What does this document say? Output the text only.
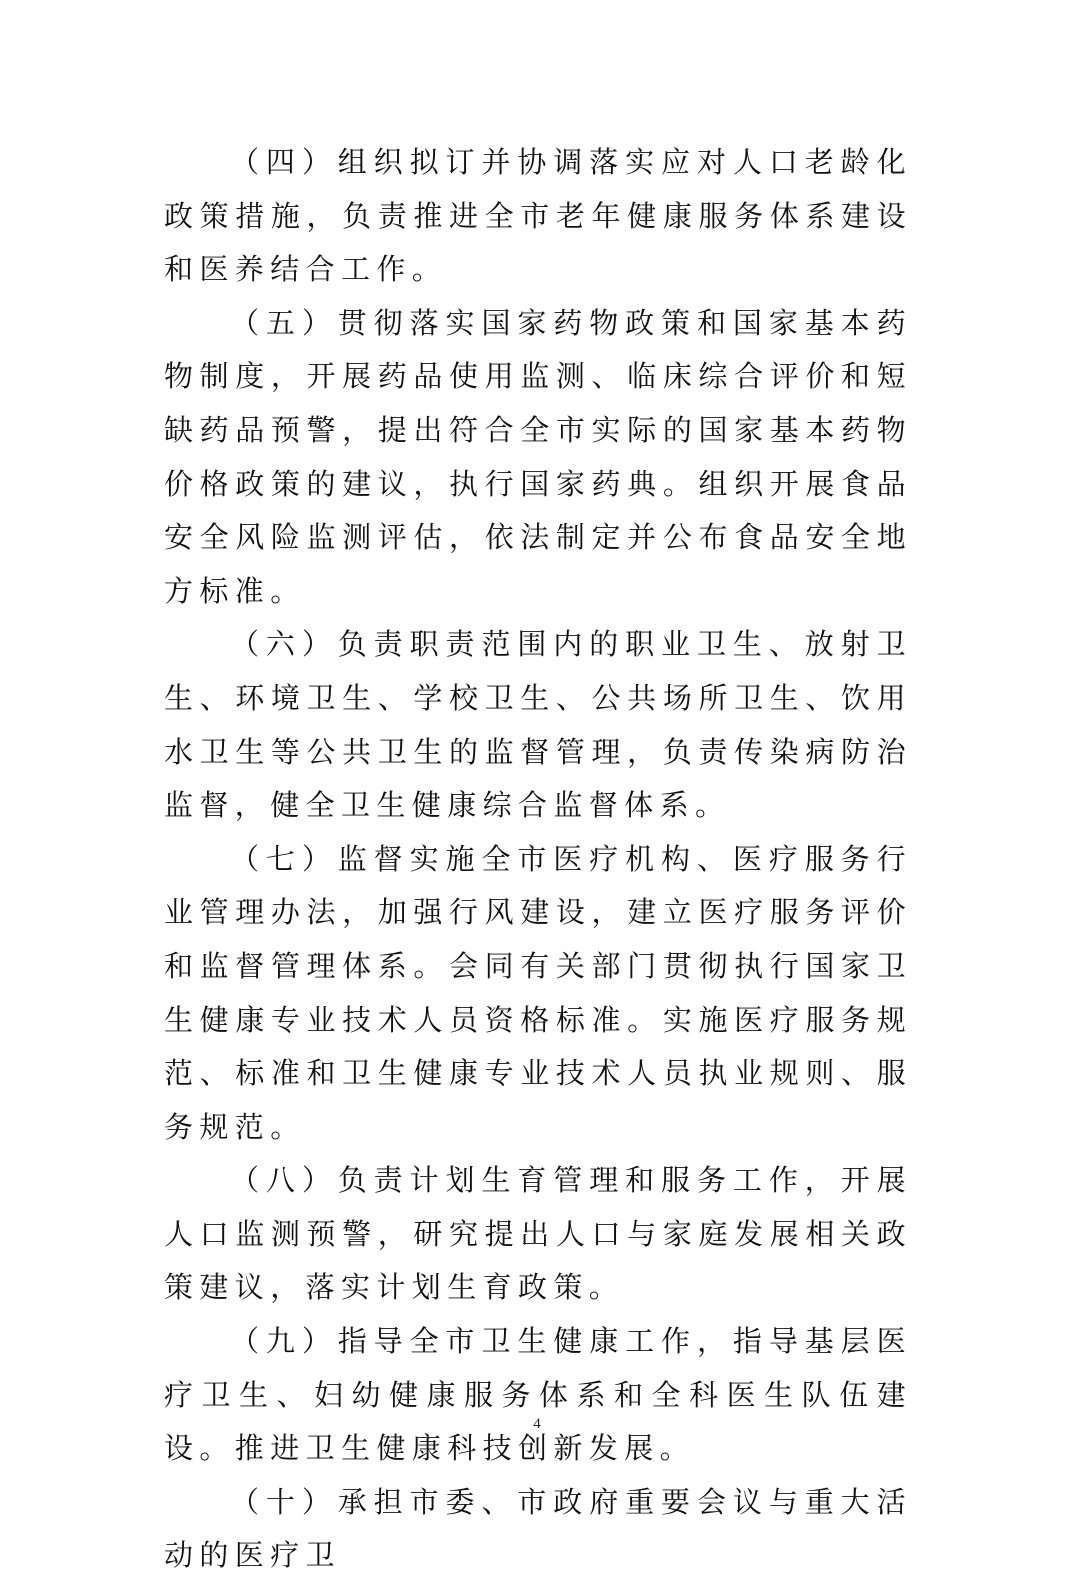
（四）组织拟订并协调落实应对人口老龄化政策措施，负责推进全市老年健康服务体系建设和医养结合工作。

（五）贯彻落实国家药物政策和国家基本药物制度，开展药品使用监测、临床综合评价和短缺药品预警，提出符合全市实际的国家基本药物价格政策的建议，执行国家药典。组织开展食品安全风险监测评估，依法制定并公布食品安全地方标准。

（六）负责职责范围内的职业卫生、放射卫生、环境卫生、学校卫生、公共场所卫生、饮用水卫生等公共卫生的监督管理，负责传染病防治监督，健全卫生健康综合监督体系。

（七）监督实施全市医疗机构、医疗服务行业管理办法，加强行风建设，建立医疗服务评价和监督管理体系。会同有关部门贯彻执行国家卫生健康专业技术人员资格标准。实施医疗服务规范、标准和卫生健康专业技术人员执业规则、服务规范。

（八）负责计划生育管理和服务工作，开展人口监测预警，研究提出人口与家庭发展相关政策建议，落实计划生育政策。

（九）指导全市卫生健康工作，指导基层医疗卫生、妇幼健康服务体系和全科医生队伍建设。推进卫生健康科技创新发展。

（十）承担市委、市政府重要会议与重大活动的医疗卫

4
